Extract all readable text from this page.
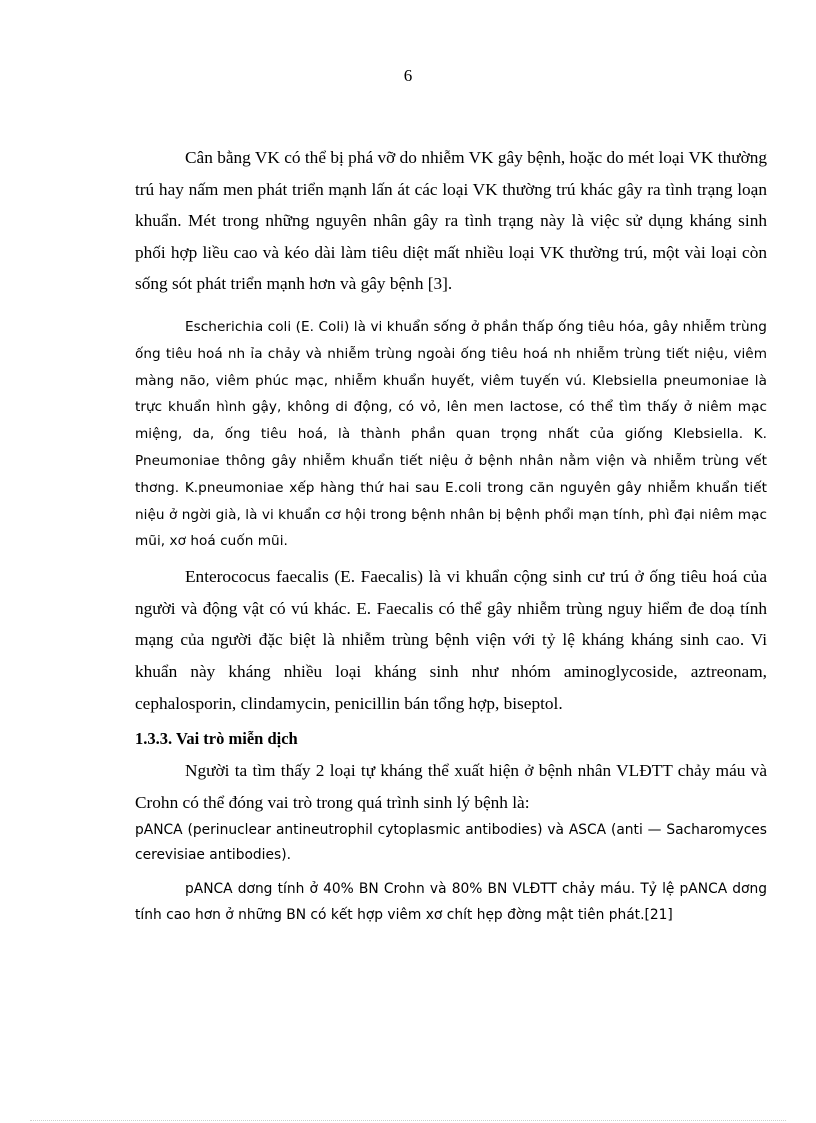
6

Cân bằng VK có thể bị phá vỡ do nhiễm VK gây bệnh, hoặc do mét loại VK thường trú hay nấm men phát triển mạnh lấn át các loại VK thường trú khác gây ra tình trạng loạn khuẩn. Mét trong những nguyên nhân gây ra tình trạng này là việc sử dụng kháng sinh phối hợp liều cao và kéo dài làm tiêu diệt mất nhiều loại VK thường trú, một vài loại còn sống sót phát triển mạnh hơn và gây bệnh [3].

Escherichia coli (E. Coli) là vi khuẩn sống ở phần thấp ống tiêu hóa, gây nhiễm trùng ống tiêu hoá nh ỉa chảy và nhiễm trùng ngoài ống tiêu hoá nh nhiễm trùng tiết niệu, viêm màng não, viêm phúc mạc, nhiễm khuẩn huyết, viêm tuyến vú. Klebsiella pneumoniae là trực khuẩn hình gậy, không di động, có vỏ, lên men lactose, có thể tìm thấy ở niêm mạc miệng, da, ống tiêu hoá, là thành phần quan trọng nhất của giống Klebsiella. K. Pneumoniae thông gây nhiễm khuẩn tiết niệu ở bệnh nhân nằm viện và nhiễm trùng vết thơng. K.pneumoniae xếp hàng thứ hai sau E.coli trong căn nguyên gây nhiễm khuẩn tiết niệu ở ngời già, là vi khuẩn cơ hội trong bệnh nhân bị bệnh phổi mạn tính, phì đại niêm mạc mũi, xơ hoá cuốn mũi.

Enterococus faecalis (E. Faecalis) là vi khuẩn cộng sinh cư trú ở ống tiêu hoá của người và động vật có vú khác. E. Faecalis có thể gây nhiễm trùng nguy hiểm đe doạ tính mạng của người đặc biệt là nhiễm trùng bệnh viện với tỷ lệ kháng kháng sinh cao. Vi khuẩn này kháng nhiều loại kháng sinh như nhóm aminoglycoside, aztreonam, cephalosporin, clindamycin, penicillin bán tổng hợp, biseptol.

1.3.3. Vai trò miễn dịch

Người ta tìm thấy 2 loại tự kháng thể xuất hiện ở bệnh nhân VLĐTT chảy máu và Crohn có thể đóng vai trò trong quá trình sinh lý bệnh là:

pANCA (perinuclear antineutrophil cytoplasmic antibodies) và ASCA (anti — Sacharomyces cerevisiae antibodies).

pANCA dơng tính ở 40% BN Crohn và 80% BN VLĐTT chảy máu. Tỷ lệ pANCA dơng tính cao hơn ở những BN có kết hợp viêm xơ chít hẹp đờng mật tiên phát.[21]
